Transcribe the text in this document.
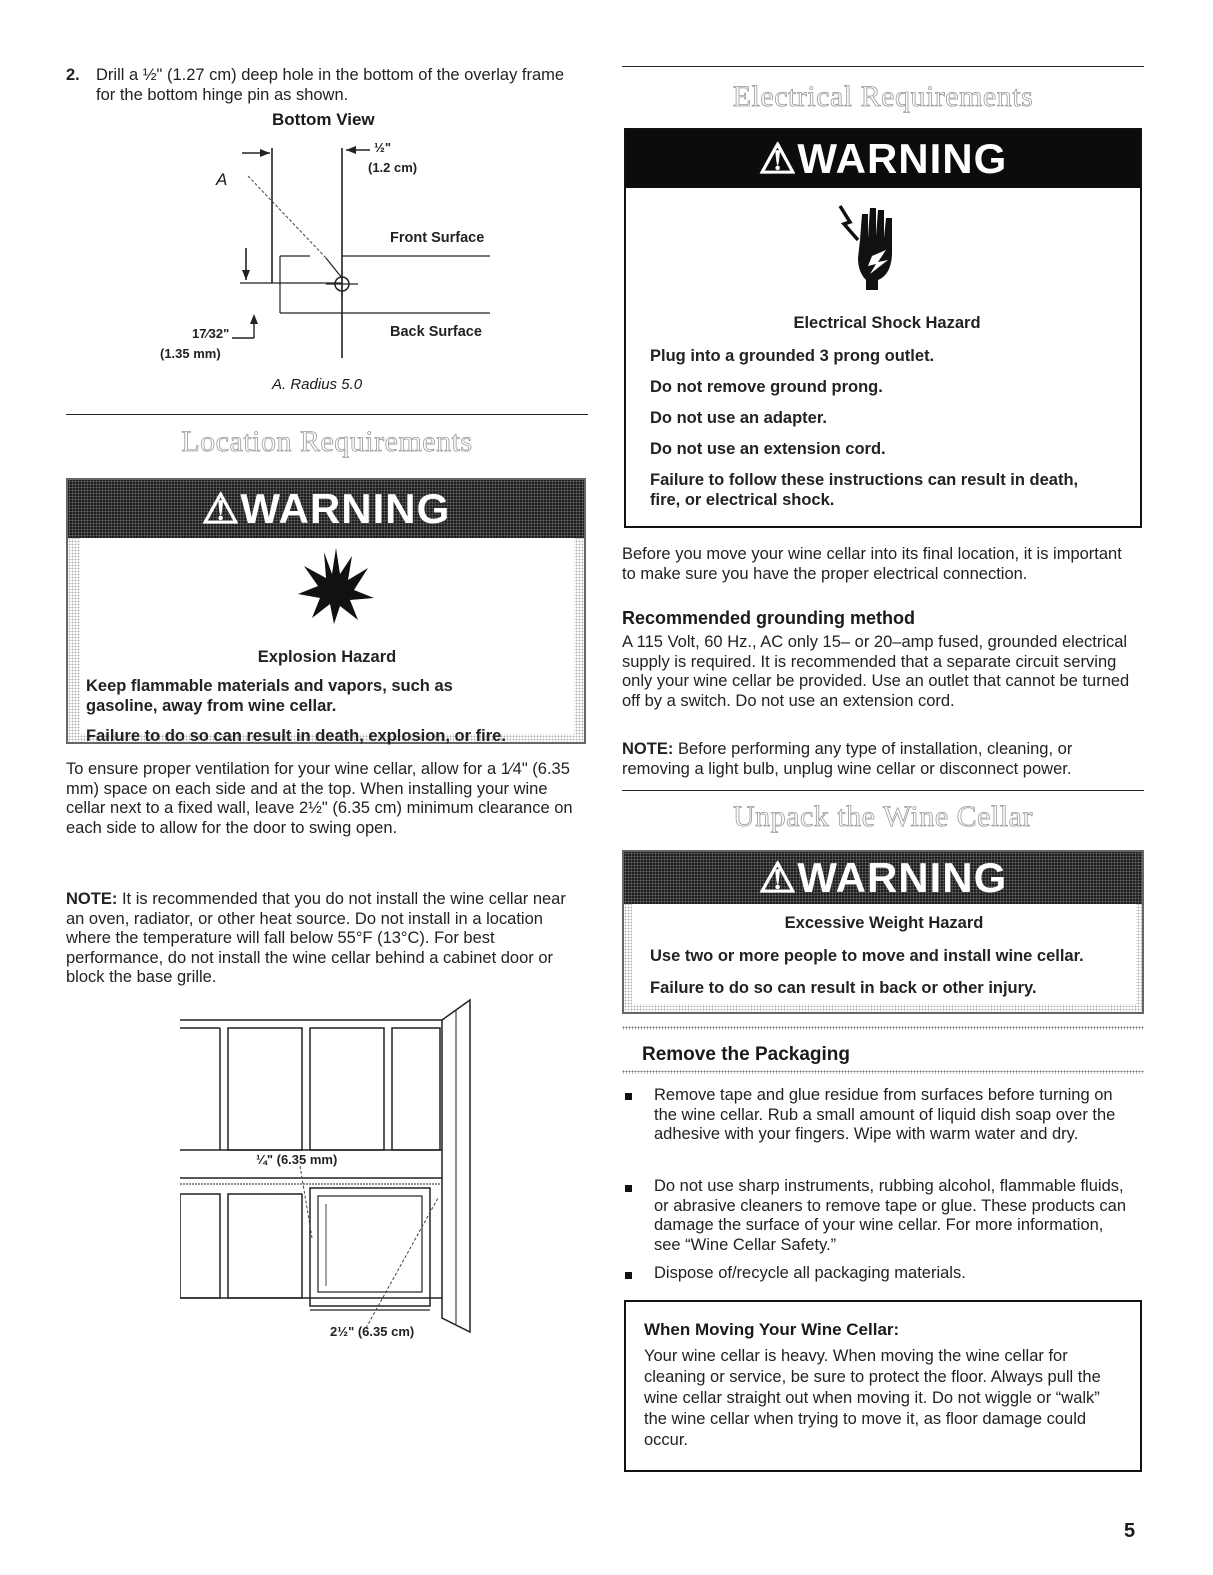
2. Drill a ½" (1.27 cm) deep hole in the bottom of the overlay frame for the bottom hinge pin as shown.
Bottom View
A
½"
(1.2 cm)
Front Surface
Back Surface
17⁄32"
(1.35 mm)
A. Radius 5.0
Location Requirements
⚠WARNING
Explosion Hazard
Keep flammable materials and vapors, such as
gasoline, away from wine cellar.
Failure to do so can result in death, explosion, or fire.
To ensure proper ventilation for your wine cellar, allow for a 1⁄4" (6.35 mm) space on each side and at the top. When installing your wine cellar next to a fixed wall, leave 2½" (6.35 cm) minimum clearance on each side to allow for the door to swing open.
NOTE: It is recommended that you do not install the wine cellar near an oven, radiator, or other heat source. Do not install in a location where the temperature will fall below 55°F (13°C). For best performance, do not install the wine cellar behind a cabinet door or block the base grille.
¼" (6.35 mm)
2½" (6.35 cm)
Electrical Requirements
⚠WARNING
Electrical Shock Hazard
Plug into a grounded 3 prong outlet.
Do not remove ground prong.
Do not use an adapter.
Do not use an extension cord.
Failure to follow these instructions can result in death,
fire, or electrical shock.
Before you move your wine cellar into its final location, it is important to make sure you have the proper electrical connection.
Recommended grounding method
A 115 Volt, 60 Hz., AC only 15– or 20–amp fused, grounded electrical supply is required. It is recommended that a separate circuit serving only your wine cellar be provided. Use an outlet that cannot be turned off by a switch. Do not use an extension cord.
NOTE: Before performing any type of installation, cleaning, or removing a light bulb, unplug wine cellar or disconnect power.
Unpack the Wine Cellar
⚠WARNING
Excessive Weight Hazard
Use two or more people to move and install wine cellar.
Failure to do so can result in back or other injury.
Remove the Packaging
Remove tape and glue residue from surfaces before turning on the wine cellar. Rub a small amount of liquid dish soap over the adhesive with your fingers. Wipe with warm water and dry.
Do not use sharp instruments, rubbing alcohol, flammable fluids, or abrasive cleaners to remove tape or glue. These products can damage the surface of your wine cellar. For more information, see “Wine Cellar Safety.”
Dispose of/recycle all packaging materials.
When Moving Your Wine Cellar:
Your wine cellar is heavy. When moving the wine cellar for cleaning or service, be sure to protect the floor. Always pull the wine cellar straight out when moving it. Do not wiggle or “walk” the wine cellar when trying to move it, as floor damage could occur.
5
